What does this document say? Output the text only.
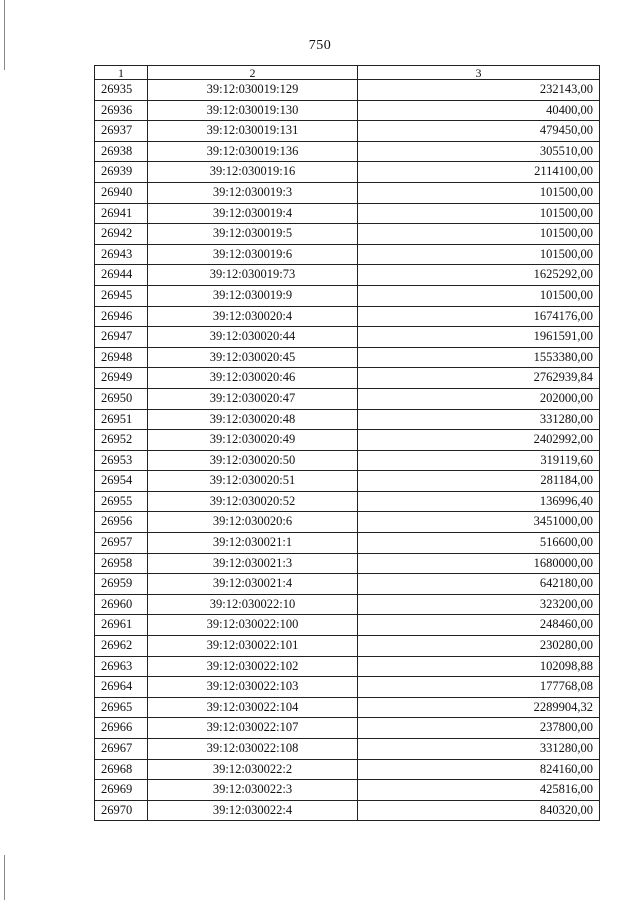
750
1	2	3
26935	39:12:030019:129	232143,00
26936	39:12:030019:130	40400,00
26937	39:12:030019:131	479450,00
26938	39:12:030019:136	305510,00
26939	39:12:030019:16	2114100,00
26940	39:12:030019:3	101500,00
26941	39:12:030019:4	101500,00
26942	39:12:030019:5	101500,00
26943	39:12:030019:6	101500,00
26944	39:12:030019:73	1625292,00
26945	39:12:030019:9	101500,00
26946	39:12:030020:4	1674176,00
26947	39:12:030020:44	1961591,00
26948	39:12:030020:45	1553380,00
26949	39:12:030020:46	2762939,84
26950	39:12:030020:47	202000,00
26951	39:12:030020:48	331280,00
26952	39:12:030020:49	2402992,00
26953	39:12:030020:50	319119,60
26954	39:12:030020:51	281184,00
26955	39:12:030020:52	136996,40
26956	39:12:030020:6	3451000,00
26957	39:12:030021:1	516600,00
26958	39:12:030021:3	1680000,00
26959	39:12:030021:4	642180,00
26960	39:12:030022:10	323200,00
26961	39:12:030022:100	248460,00
26962	39:12:030022:101	230280,00
26963	39:12:030022:102	102098,88
26964	39:12:030022:103	177768,08
26965	39:12:030022:104	2289904,32
26966	39:12:030022:107	237800,00
26967	39:12:030022:108	331280,00
26968	39:12:030022:2	824160,00
26969	39:12:030022:3	425816,00
26970	39:12:030022:4	840320,00
